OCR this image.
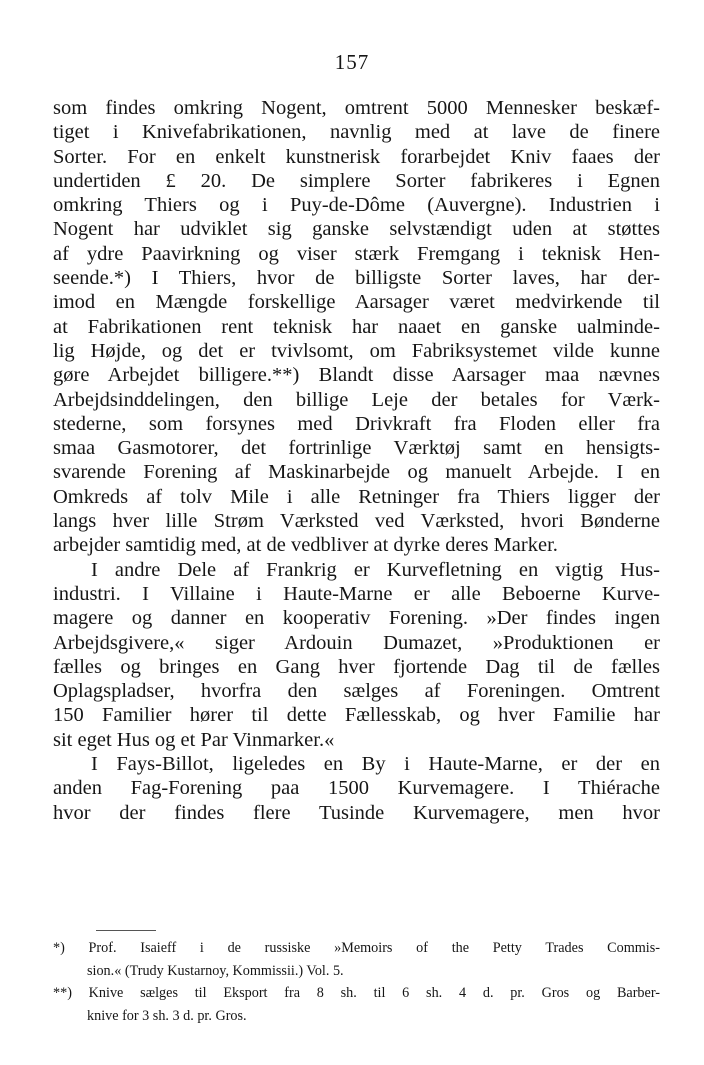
157
som findes omkring Nogent, omtrent 5000 Mennesker beskæf-
tiget i Knivefabrikationen, navnlig med at lave de finere
Sorter. For en enkelt kunstnerisk forarbejdet Kniv faaes der
undertiden £ 20. De simplere Sorter fabrikeres i Egnen
omkring Thiers og i Puy-de-Dôme (Auvergne). Industrien i
Nogent har udviklet sig ganske selvstændigt uden at støttes
af ydre Paavirkning og viser stærk Fremgang i teknisk Hen-
seende.*) I Thiers, hvor de billigste Sorter laves, har der-
imod en Mængde forskellige Aarsager været medvirkende til
at Fabrikationen rent teknisk har naaet en ganske ualminde-
lig Højde, og det er tvivlsomt, om Fabriksystemet vilde kunne
gøre Arbejdet billigere.**) Blandt disse Aarsager maa nævnes
Arbejdsinddelingen, den billige Leje der betales for Værk-
stederne, som forsynes med Drivkraft fra Floden eller fra
smaa Gasmotorer, det fortrinlige Værktøj samt en hensigts-
svarende Forening af Maskinarbejde og manuelt Arbejde. I en
Omkreds af tolv Mile i alle Retninger fra Thiers ligger der
langs hver lille Strøm Værksted ved Værksted, hvori Bønderne
arbejder samtidig med, at de vedbliver at dyrke deres Marker.
I andre Dele af Frankrig er Kurvefletning en vigtig Hus-
industri. I Villaine i Haute-Marne er alle Beboerne Kurve-
magere og danner en kooperativ Forening. »Der findes ingen
Arbejdsgivere,« siger Ardouin Dumazet, »Produktionen er
fælles og bringes en Gang hver fjortende Dag til de fælles
Oplagspladser, hvorfra den sælges af Foreningen. Omtrent
150 Familier hører til dette Fællesskab, og hver Familie har
sit eget Hus og et Par Vinmarker.«
I Fays-Billot, ligeledes en By i Haute-Marne, er der en
anden Fag-Forening paa 1500 Kurvemagere. I Thiérache
hvor der findes flere Tusinde Kurvemagere, men hvor
*) Prof. Isaieff i de russiske »Memoirs of the Petty Trades Commis-
sion.« (Trudy Kustarnoy, Kommissii.) Vol. 5.
**) Knive sælges til Eksport fra 8 sh. til 6 sh. 4 d. pr. Gros og Barber-
knive for 3 sh. 3 d. pr. Gros.
